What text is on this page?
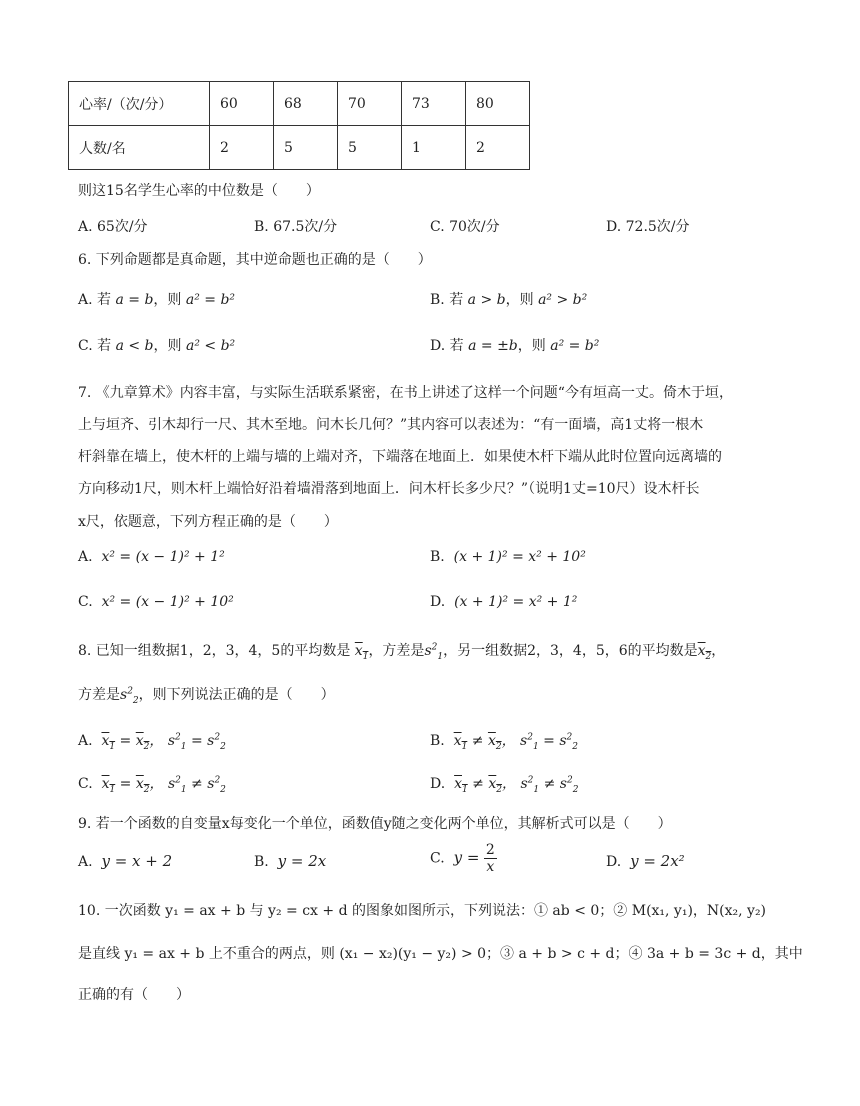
心率/（次/分）	60	68	70	73	80
人数/名	2	5	5	1	2
则这15名学生心率的中位数是（　　）
A. 65次/分	B. 67.5次/分	C. 70次/分	D. 72.5次/分
6. 下列命题都是真命题，其中逆命题也正确的是（　　）
A. 若 a = b，则 a² = b²	B. 若 a > b，则 a² > b²
C. 若 a < b，则 a² < b²	D. 若 a = ±b，则 a² = b²
7. 《九章算术》内容丰富，与实际生活联系紧密，在书上讲述了这样一个问题“今有垣高一丈。倚木于垣，
上与垣齐、引木却行一尺、其木至地。问木长几何？”其内容可以表述为：“有一面墙，高1丈将一根木
杆斜靠在墙上，使木杆的上端与墙的上端对齐，下端落在地面上．如果使木杆下端从此时位置向远离墙的
方向移动1尺，则木杆上端恰好沿着墙滑落到地面上．问木杆长多少尺？”（说明1丈=10尺）设木杆长
x尺，依题意，下列方程正确的是（　　）
A. x² = (x − 1)² + 1²	B. (x + 1)² = x² + 10²
C. x² = (x − 1)² + 10²	D. (x + 1)² = x² + 1²
8. 已知一组数据1，2，3，4，5的平均数是 $x_1$，方差是$s^2_1$，另一组数据2，3，4，5，6的平均数是$x_2$，
方差是$s^2_2$，则下列说法正确的是（　　）
A. $x_1 = x_2$， $s^2_1 = s^2_2$	B. $x_1 \ne x_2$， $s^2_1 = s^2_2$
C. $x_1 = x_2$， $s^2_1 \ne s^2_2$	D. $x_1 \ne x_2$， $s^2_1 \ne s^2_2$
9. 若一个函数的自变量x每变化一个单位，函数值y随之变化两个单位，其解析式可以是（　　）
A. y = x + 2	B. y = 2x	C. $y = \frac{2}{x}$	D. y = 2x²
10. 一次函数 y₁ = ax + b 与 y₂ = cx + d 的图象如图所示，下列说法：① ab < 0；② M(x₁, y₁)，N(x₂, y₂)
是直线 y₁ = ax + b 上不重合的两点，则 (x₁ − x₂)(y₁ − y₂) > 0；③ a + b > c + d；④ 3a + b = 3c + d，其中
正确的有（　　）
